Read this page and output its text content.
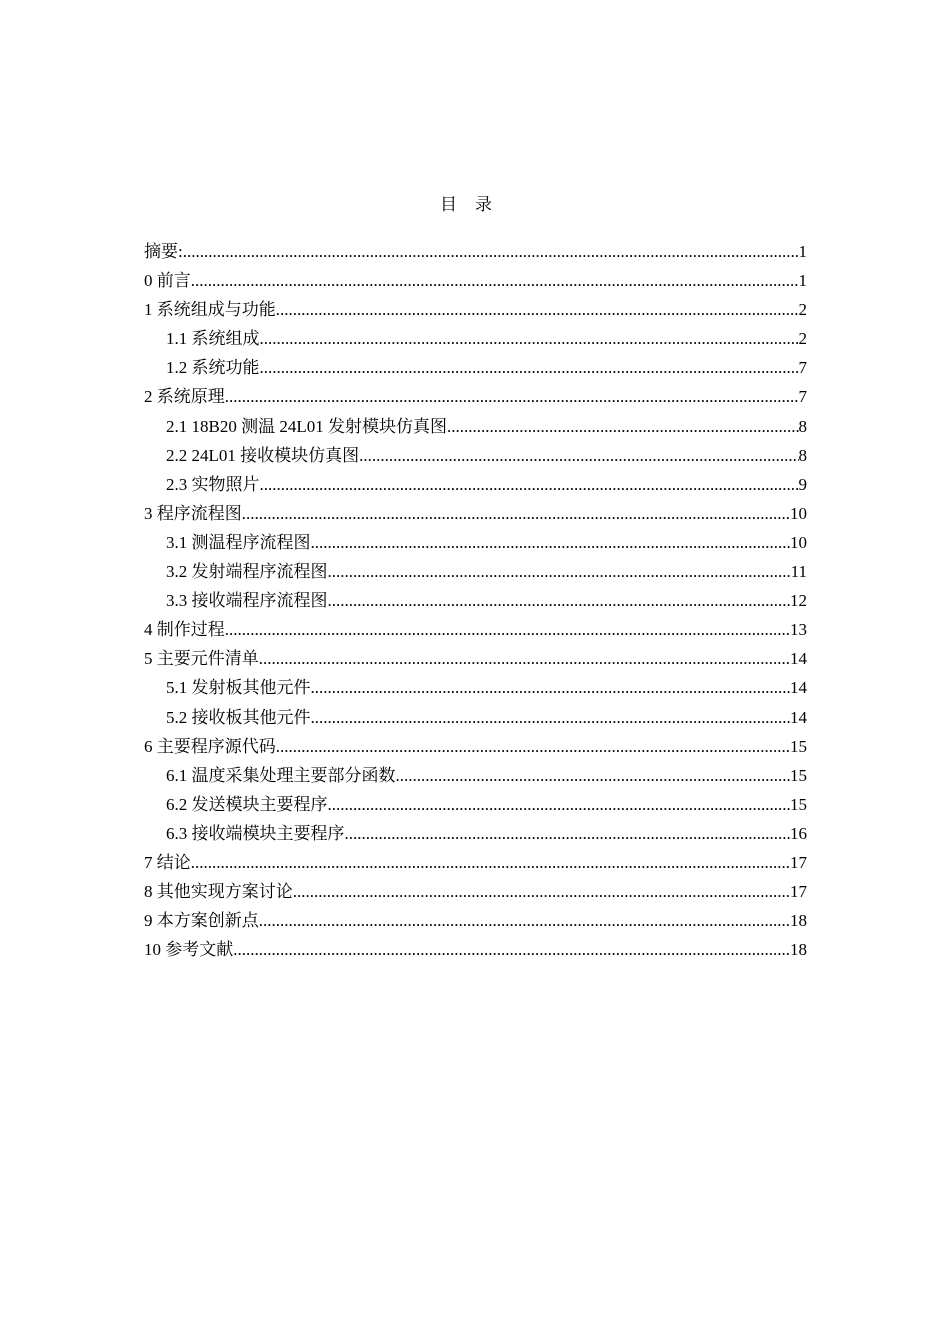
目录
摘要: .....	1
0 前言 .....	1
1 系统组成与功能 .....	2
1.1 系统组成 .....	2
1.2 系统功能 .....	7
2 系统原理 .....	7
2.1 18B20 测温 24L01 发射模块仿真图 .....	8
2.2 24L01 接收模块仿真图 .....	8
2.3 实物照片 .....	9
3 程序流程图 .....	10
3.1 测温程序流程图 .....	10
3.2 发射端程序流程图 .....	11
3.3 接收端程序流程图 .....	12
4 制作过程 .....	13
5 主要元件清单 .....	14
5.1 发射板其他元件 .....	14
5.2 接收板其他元件 .....	14
6 主要程序源代码 .....	15
6.1 温度采集处理主要部分函数 .....	15
6.2 发送模块主要程序 .....	15
6.3 接收端模块主要程序 .....	16
7 结论 .....	17
8 其他实现方案讨论 .....	17
9 本方案创新点 .....	18
10 参考文献 .....	18
